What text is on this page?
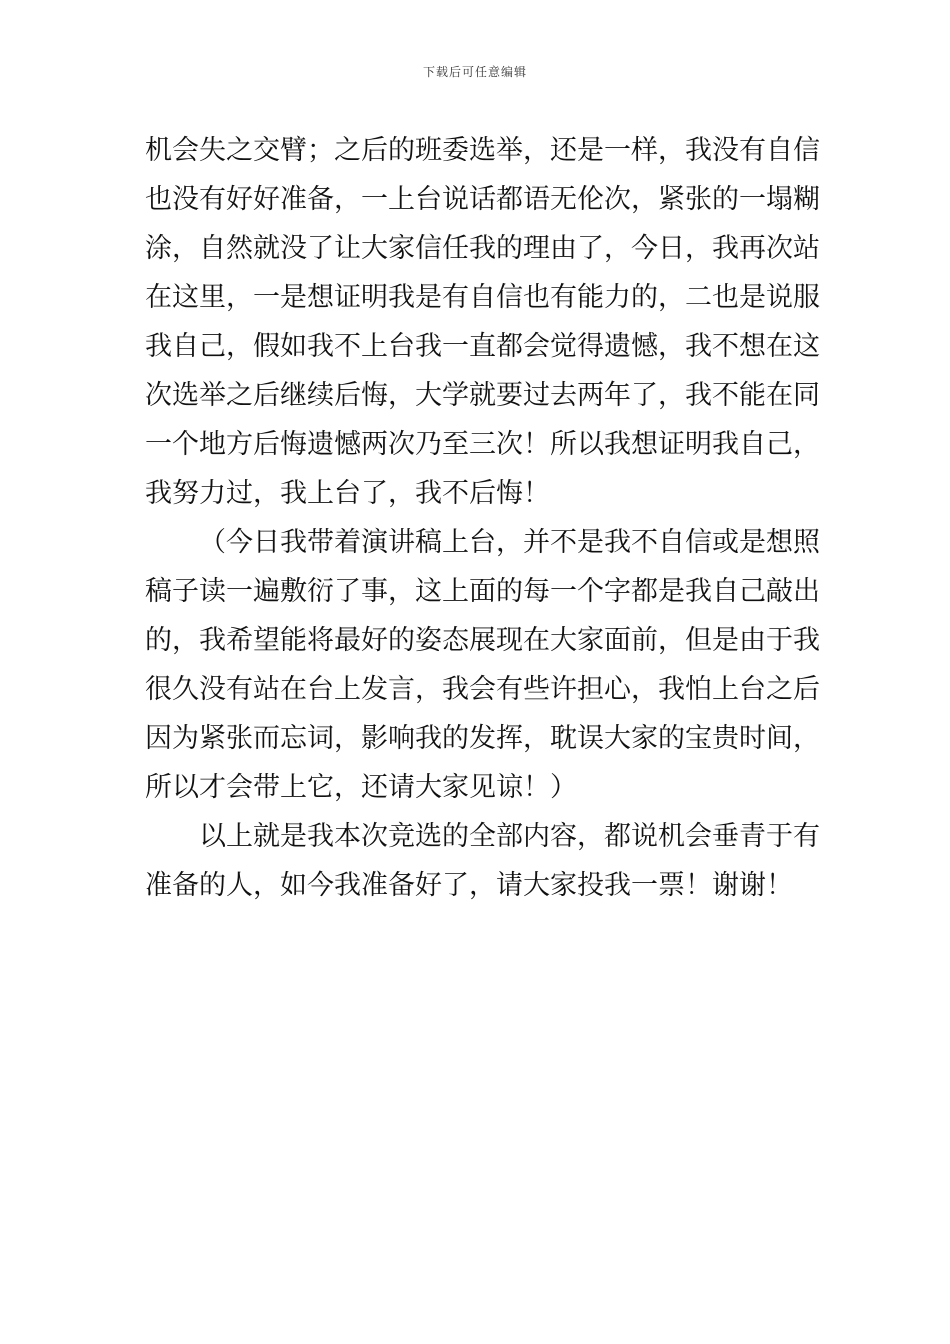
下载后可任意编辑
机会失之交臂；之后的班委选举，还是一样，我没有自信
也没有好好准备，一上台说话都语无伦次，紧张的一塌糊
涂，自然就没了让大家信任我的理由了，今日，我再次站
在这里，一是想证明我是有自信也有能力的，二也是说服
我自己，假如我不上台我一直都会觉得遗憾，我不想在这
次选举之后继续后悔，大学就要过去两年了，我不能在同
一个地方后悔遗憾两次乃至三次！所以我想证明我自己，
我努力过，我上台了，我不后悔！
（今日我带着演讲稿上台，并不是我不自信或是想照
稿子读一遍敷衍了事，这上面的每一个字都是我自己敲出
的，我希望能将最好的姿态展现在大家面前，但是由于我
很久没有站在台上发言，我会有些许担心，我怕上台之后
因为紧张而忘词，影响我的发挥，耽误大家的宝贵时间，
所以才会带上它，还请大家见谅！）
以上就是我本次竞选的全部内容，都说机会垂青于有
准备的人，如今我准备好了，请大家投我一票！谢谢！
